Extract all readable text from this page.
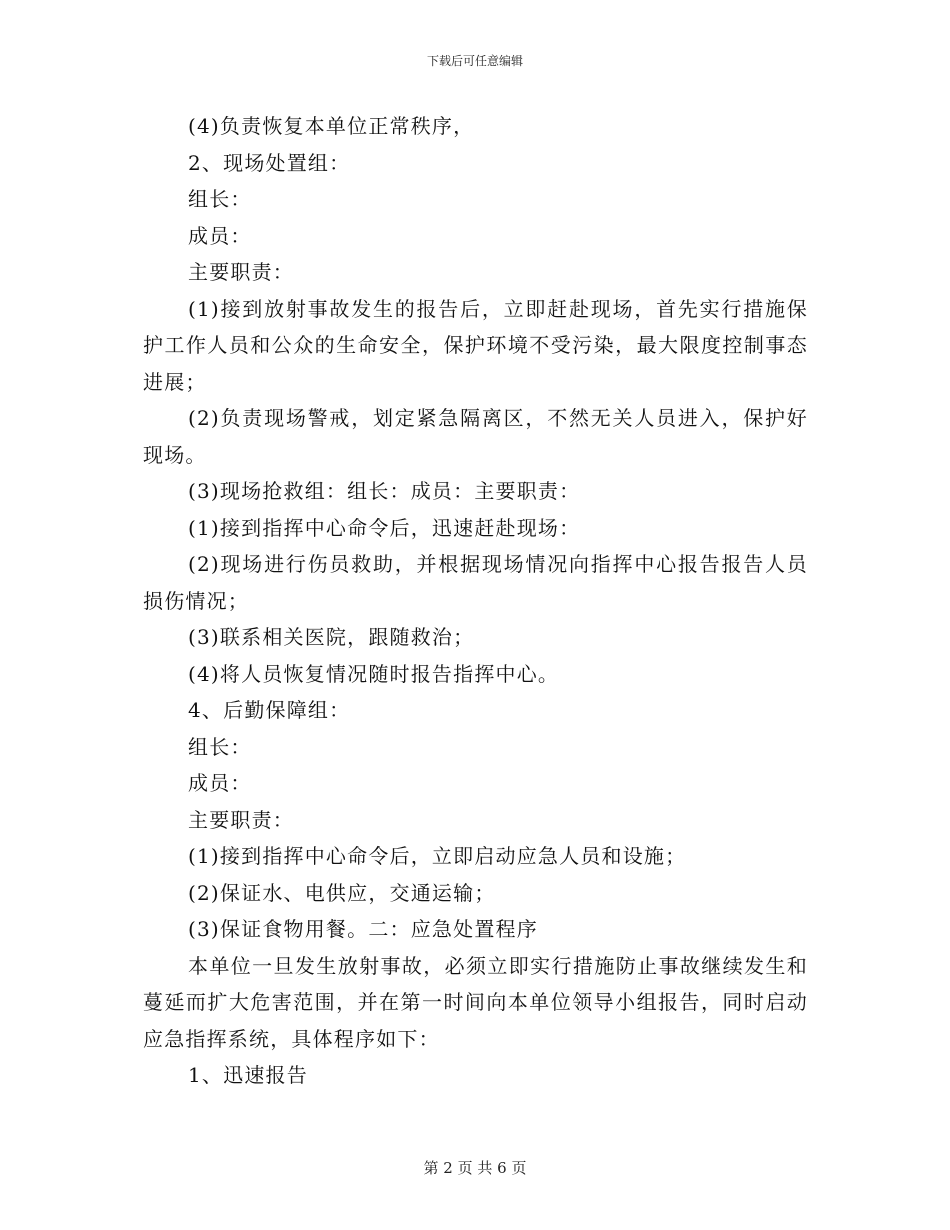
下载后可任意编辑

(4)负责恢复本单位正常秩序，

2、现场处置组：

组长：

成员：

主要职责：

(1)接到放射事故发生的报告后，立即赶赴现场，首先实行措施保护工作人员和公众的生命安全，保护环境不受污染，最大限度控制事态进展；

(2)负责现场警戒，划定紧急隔离区，不然无关人员进入，保护好现场。

(3)现场抢救组：组长：成员：主要职责：

(1)接到指挥中心命令后，迅速赶赴现场：

(2)现场进行伤员救助，并根据现场情况向指挥中心报告报告人员损伤情况；

(3)联系相关医院，跟随救治；

(4)将人员恢复情况随时报告指挥中心。

4、后勤保障组：

组长：

成员：

主要职责：

(1)接到指挥中心命令后，立即启动应急人员和设施；

(2)保证水、电供应，交通运输；

(3)保证食物用餐。二：应急处置程序

本单位一旦发生放射事故，必须立即实行措施防止事故继续发生和蔓延而扩大危害范围，并在第一时间向本单位领导小组报告，同时启动应急指挥系统，具体程序如下：

1、迅速报告

第 2 页 共 6 页
